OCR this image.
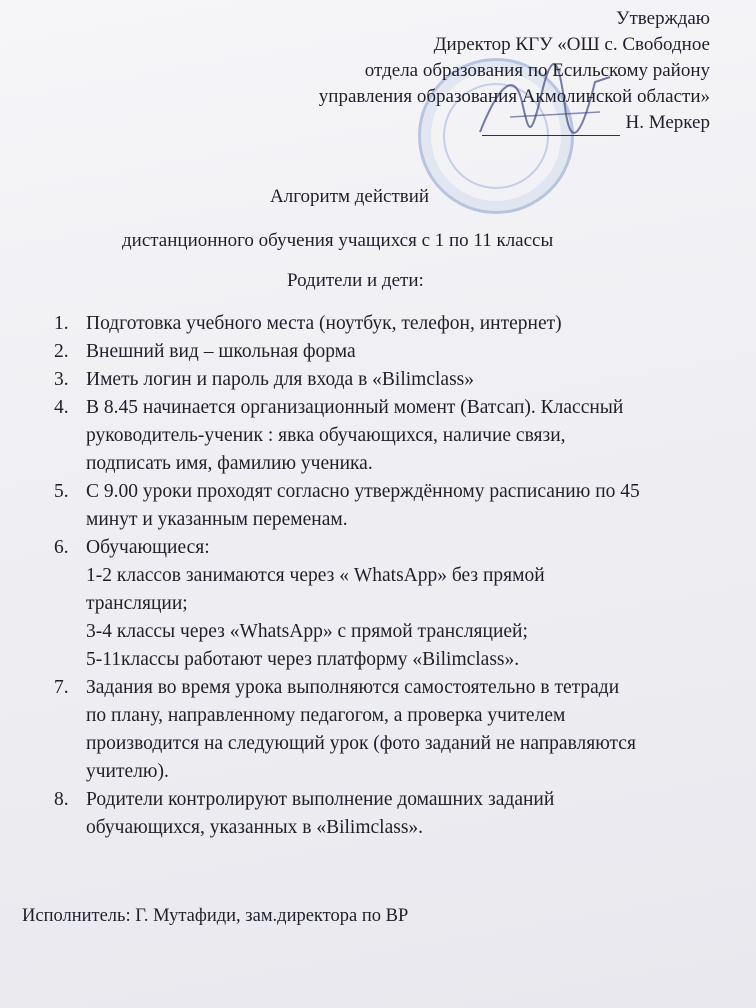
Утверждаю
Директор КГУ «ОШ с. Свободное
отдела образования по Есильскому району
управления образования Акмолинской области»
Н. Меркер
Алгоритм действий
дистанционного обучения учащихся с 1 по 11 классы
Родители и дети:
1. Подготовка учебного места (ноутбук, телефон, интернет)
2. Внешний вид – школьная форма
3. Иметь логин и пароль для входа в «Bilimclass»
4. В 8.45 начинается организационный момент (Ватсап). Классный
руководитель-ученик : явка обучающихся, наличие связи,
подписать имя, фамилию ученика.
5. С 9.00 уроки проходят согласно утверждённому расписанию по 45
минут и указанным переменам.
6. Обучающиеся:
1-2 классов занимаются через « WhatsApp» без прямой
трансляции;
3-4 классы через «WhatsApp» с прямой трансляцией;
5-11классы работают через платформу «Bilimclass».
7. Задания во время урока выполняются самостоятельно в тетради
по плану, направленному педагогом, а проверка учителем
производится на следующий урок (фото заданий не направляются
учителю).
8. Родители контролируют выполнение домашних заданий
обучающихся, указанных в «Bilimclass».
Исполнитель: Г. Мутафиди, зам.директора по ВР
